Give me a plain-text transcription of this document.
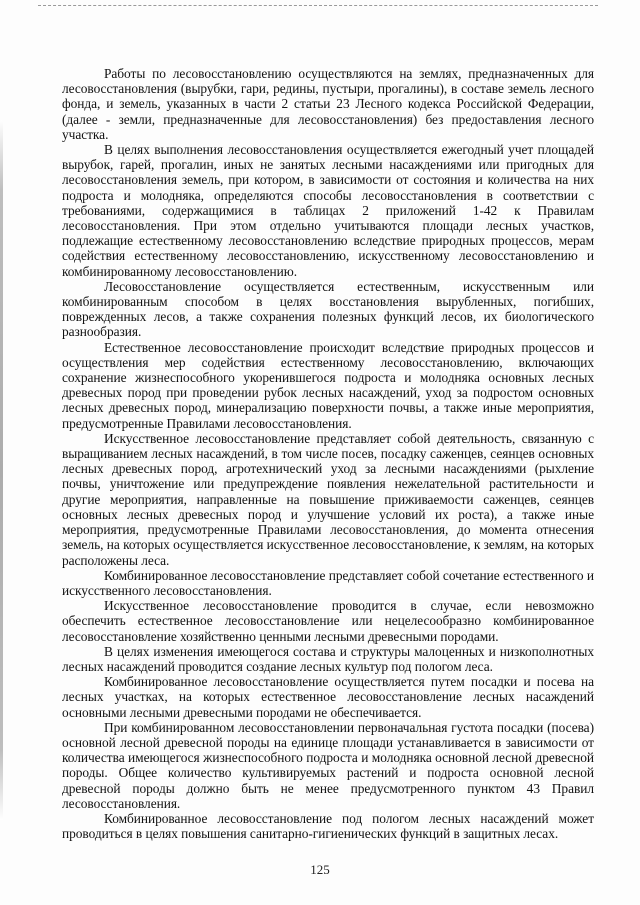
Работы по лесовосстановлению осуществляются на землях, предназначенных для лесовосстановления (вырубки, гари, редины, пустыри, прогалины), в составе земель лесного фонда, и земель, указанных в части 2 статьи 23 Лесного кодекса Российской Федерации, (далее - земли, предназначенные для лесовосстановления) без предоставления лесного участка.

В целях выполнения лесовосстановления осуществляется ежегодный учет площадей вырубок, гарей, прогалин, иных не занятых лесными насаждениями или пригодных для лесовосстановления земель, при котором, в зависимости от состояния и количества на них подроста и молодняка, определяются способы лесовосстановления в соответствии с требованиями, содержащимися в таблицах 2 приложений 1-42 к Правилам лесовосстановления. При этом отдельно учитываются площади лесных участков, подлежащие естественному лесовосстановлению вследствие природных процессов, мерам содействия естественному лесовосстановлению, искусственному лесовосстановлению и комбинированному лесовосстановлению.

Лесовосстановление осуществляется естественным, искусственным или комбинированным способом в целях восстановления вырубленных, погибших, поврежденных лесов, а также сохранения полезных функций лесов, их биологического разнообразия.

Естественное лесовосстановление происходит вследствие природных процессов и осуществления мер содействия естественному лесовосстановлению, включающих сохранение жизнеспособного укоренившегося подроста и молодняка основных лесных древесных пород при проведении рубок лесных насаждений, уход за подростом основных лесных древесных пород, минерализацию поверхности почвы, а также иные мероприятия, предусмотренные Правилами лесовосстановления.

Искусственное лесовосстановление представляет собой деятельность, связанную с выращиванием лесных насаждений, в том числе посев, посадку саженцев, сеянцев основных лесных древесных пород, агротехнический уход за лесными насаждениями (рыхление почвы, уничтожение или предупреждение появления нежелательной растительности и другие мероприятия, направленные на повышение приживаемости саженцев, сеянцев основных лесных древесных пород и улучшение условий их роста), а также иные мероприятия, предусмотренные Правилами лесовосстановления, до момента отнесения земель, на которых осуществляется искусственное лесовосстановление, к землям, на которых расположены леса.

Комбинированное лесовосстановление представляет собой сочетание естественного и искусственного лесовосстановления.

Искусственное лесовосстановление проводится в случае, если невозможно обеспечить естественное лесовосстановление или нецелесообразно комбинированное лесовосстановление хозяйственно ценными лесными древесными породами.

В целях изменения имеющегося состава и структуры малоценных и низкополнотных лесных насаждений проводится создание лесных культур под пологом леса.

Комбинированное лесовосстановление осуществляется путем посадки и посева на лесных участках, на которых естественное лесовосстановление лесных насаждений основными лесными древесными породами не обеспечивается.

При комбинированном лесовосстановлении первоначальная густота посадки (посева) основной лесной древесной породы на единице площади устанавливается в зависимости от количества имеющегося жизнеспособного подроста и молодняка основной лесной древесной породы. Общее количество культивируемых растений и подроста основной лесной древесной породы должно быть не менее предусмотренного пунктом 43 Правил лесовосстановления.

Комбинированное лесовосстановление под пологом лесных насаждений может проводиться в целях повышения санитарно-гигиенических функций в защитных лесах.

125
